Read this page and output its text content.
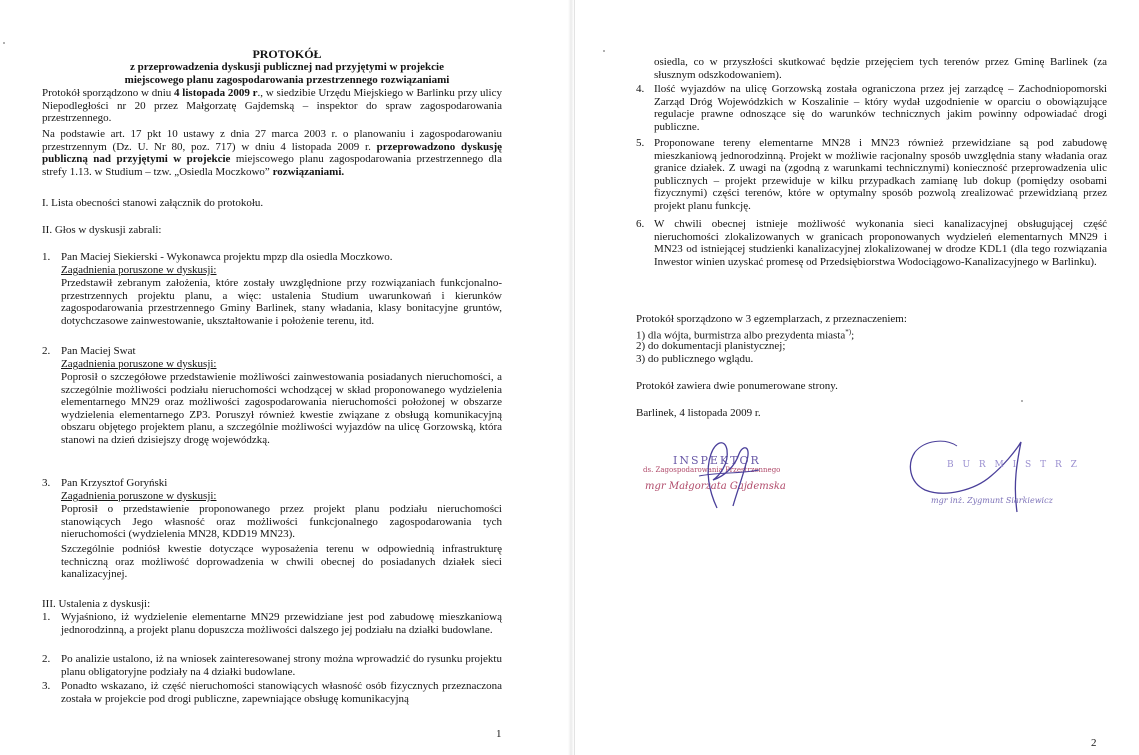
PROTOKÓŁ
z przeprowadzenia dyskusji publicznej nad przyjętymi w projekcie
miejscowego planu zagospodarowania przestrzennego rozwiązaniami

Protokół sporządzono w dniu 4 listopada 2009 r., w siedzibie Urzędu Miejskiego w Barlinku przy ulicy Niepodległości nr 20 przez Małgorzatę Gajdemską – inspektor do spraw zagospodarowania przestrzennego.

Na podstawie art. 17 pkt 10 ustawy z dnia 27 marca 2003 r. o planowaniu i zagospodarowaniu przestrzennym (Dz. U. Nr 80, poz. 717) w dniu 4 listopada 2009 r. przeprowadzono dyskusję publiczną nad przyjętymi w projekcie miejscowego planu zagospodarowania przestrzennego dla strefy 1.13. w Studium – tzw. „Osiedla Moczkowo” rozwiązaniami.

I. Lista obecności stanowi załącznik do protokołu.

II. Głos w dyskusji zabrali:

1. Pan Maciej Siekierski - Wykonawca projektu mpzp dla osiedla Moczkowo.

Zagadnienia poruszone w dyskusji:

Przedstawił zebranym założenia, które zostały uwzględnione przy rozwiązaniach funkcjonalno-przestrzennych projektu planu, a więc: ustalenia Studium uwarunkowań i kierunków zagospodarowania przestrzennego Gminy Barlinek, stany władania, klasy bonitacyjne gruntów, dotychczasowe zainwestowanie, ukształtowanie i położenie terenu, itd.

2. Pan Maciej Swat

Zagadnienia poruszone w dyskusji:

Poprosił o szczegółowe przedstawienie możliwości zainwestowania posiadanych nieruchomości, a szczególnie możliwości podziału nieruchomości wchodzącej w skład proponowanego wydzielenia elementarnego MN29 oraz możliwości zagospodarowania nieruchomości położonej w obszarze wydzielenia elementarnego ZP3. Poruszył również kwestie związane z obsługą komunikacyjną obszaru objętego projektem planu, a szczególnie możliwości wyjazdów na ulicę Gorzowską, która stanowi na dzień dzisiejszy drogę wojewódzką.

3. Pan Krzysztof Goryński

Zagadnienia poruszone w dyskusji:

Poprosił o przedstawienie proponowanego przez projekt planu podziału nieruchomości stanowiących Jego własność oraz możliwości funkcjonalnego zagospodarowania tych nieruchomości (wydzielenia MN28, KDD19 MN23).

Szczególnie podniósł kwestie dotyczące wyposażenia terenu w odpowiednią infrastrukturę techniczną oraz możliwość doprowadzenia w chwili obecnej do posiadanych działek sieci kanalizacyjnej.

III. Ustalenia z dyskusji:

1. Wyjaśniono, iż wydzielenie elementarne MN29 przewidziane jest pod zabudowę mieszkaniową jednorodzinną, a projekt planu dopuszcza możliwości dalszego jej podziału na działki budowlane.

2. Po analizie ustalono, iż na wniosek zainteresowanej strony można wprowadzić do rysunku projektu planu obligatoryjne podziały na 4 działki budowlane.

3. Ponadto wskazano, iż część nieruchomości stanowiących własność osób fizycznych przeznaczona została w projekcie pod drogi publiczne, zapewniające obsługę komunikacyjną

1

osiedla, co w przyszłości skutkować będzie przejęciem tych terenów przez Gminę Barlinek (za słusznym odszkodowaniem).

4. Ilość wyjazdów na ulicę Gorzowską została ograniczona przez jej zarządcę – Zachodniopomorski Zarząd Dróg Wojewódzkich w Koszalinie – który wydał uzgodnienie w oparciu o obowiązujące regulacje prawne odnoszące się do warunków technicznych jakim powinny odpowiadać drogi publiczne.

5. Proponowane tereny elementarne MN28 i MN23 również przewidziane są pod zabudowę mieszkaniową jednorodzinną. Projekt w możliwie racjonalny sposób uwzględnia stany władania oraz granice działek. Z uwagi na (zgodną z warunkami technicznymi) konieczność przeprowadzenia ulic publicznych – projekt przewiduje w kilku przypadkach zamianę lub dokup (pomiędzy osobami fizycznymi) części terenów, które w optymalny sposób pozwolą zrealizować przewidzianą przez projekt planu funkcję.

6. W chwili obecnej istnieje możliwość wykonania sieci kanalizacyjnej obsługującej część nieruchomości zlokalizowanych w granicach proponowanych wydzieleń elementarnych MN29 i MN23 od istniejącej studzienki kanalizacyjnej zlokalizowanej w drodze KDL1 (dla tego rozwiązania Inwestor winien uzyskać promesę od Przedsiębiorstwa Wodociągowo-Kanalizacyjnego w Barlinku).

Protokół sporządzono w 3 egzemplarzach, z przeznaczeniem:

1) dla wójta, burmistrza albo prezydenta miasta*);

2) do dokumentacji planistycznej;

3) do publicznego wglądu.

Protokół zawiera dwie ponumerowane strony.

Barlinek, 4 listopada 2009 r.

INSPEKTOR
ds. Zagospodarowania Przestrzennego
mgr Małgorzata Gajdemska
B U R M I S T R Z
mgr inż. Zygmunt Siarkiewicz
2
